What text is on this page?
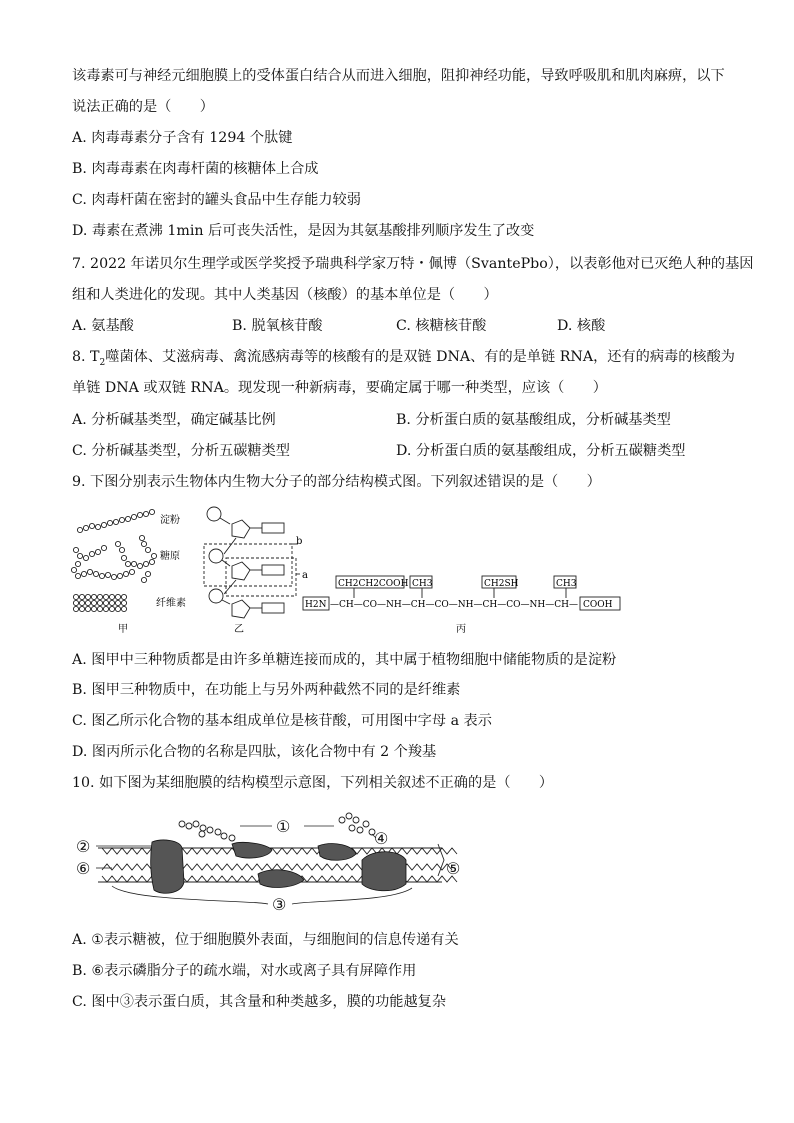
该毒素可与神经元细胞膜上的受体蛋白结合从而进入细胞，阻抑神经功能，导致呼吸肌和肌肉麻痹，以下
说法正确的是（　　）
A. 肉毒毒素分子含有 1294 个肽键
B. 肉毒毒素在肉毒杆菌的核糖体上合成
C. 肉毒杆菌在密封的罐头食品中生存能力较弱
D. 毒素在煮沸 1min 后可丧失活性，是因为其氨基酸排列顺序发生了改变
7. 2022 年诺贝尔生理学或医学奖授予瑞典科学家万特・佩博（SvantePbo），以表彰他对已灭绝人种的基因
组和人类进化的发现。其中人类基因（核酸）的基本单位是（　　）
A. 氨基酸	B. 脱氧核苷酸	C. 核糖核苷酸	D. 核酸
8. $T_2$噬菌体、艾滋病毒、禽流感病毒等的核酸有的是双链 DNA、有的是单链 RNA，还有的病毒的核酸为
单链 DNA 或双链 RNA。现发现一种新病毒，要确定属于哪一种类型，应该（　　）
A. 分析碱基类型，确定碱基比例	B. 分析蛋白质的氨基酸组成，分析碱基类型
C. 分析碱基类型，分析五碳糖类型	D. 分析蛋白质的氨基酸组成，分析五碳糖类型
9. 下图分别表示生物体内生物大分子的部分结构模式图。下列叙述错误的是（　　）
淀粉
糖原
纤维素
甲
b
a
乙
CH2CH2COOH CH3	CH2SH	CH3
H2N —CH—CO—NH—CH—CO—NH—CH—CO—NH—CH— COOH
丙
A. 图甲中三种物质都是由许多单糖连接而成的，其中属于植物细胞中储能物质的是淀粉
B. 图甲三种物质中，在功能上与另外两种截然不同的是纤维素
C. 图乙所示化合物的基本组成单位是核苷酸，可用图中字母 a 表示
D. 图丙所示化合物的名称是四肽，该化合物中有 2 个羧基
10. 如下图为某细胞膜的结构模型示意图，下列相关叙述不正确的是（　　）
①
②
③
④
⑤
⑥
A. ①表示糖被，位于细胞膜外表面，与细胞间的信息传递有关
B. ⑥表示磷脂分子的疏水端，对水或离子具有屏障作用
C. 图中③表示蛋白质，其含量和种类越多，膜的功能越复杂
